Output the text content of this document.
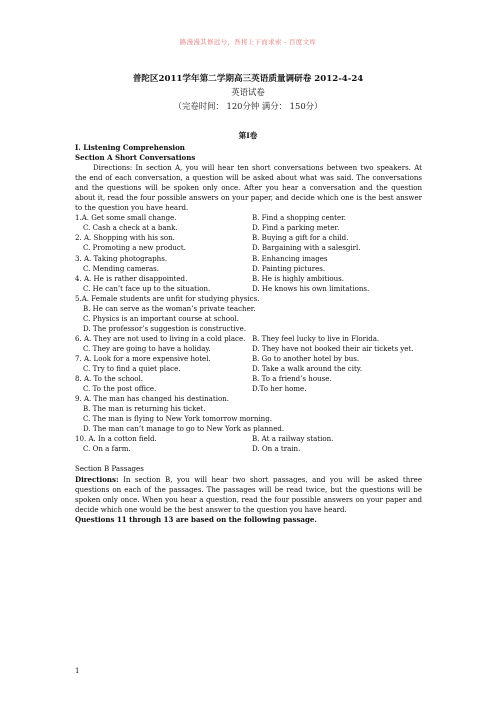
路漫漫其修远兮，吾将上下而求索 - 百度文库
普陀区2011学年第二学期高三英语质量调研卷 2012-4-24
英语试卷
（完卷时间： 120分钟 满分： 150分）
第I卷
I. Listening Comprehension
Section A Short Conversations

Directions: In section A, you will hear ten short conversations between two speakers. At the end of each conversation, a question will be asked about what was said. The conversations and the questions will be spoken only once. After you hear a conversation and the question about it, read the four possible answers on your paper, and decide which one is the best answer to the question you have heard.

1.A. Get some small change.	B. Find a shopping center.
C. Cash a check at a bank.	D. Find a parking meter.
2. A. Shopping with his son.	B. Buying a gift for a child.
C. Promoting a new product.	D. Bargaining with a salesgirl.
3. A. Taking photographs.	B. Enhancing images
C. Mending cameras.	D. Painting pictures.
4. A. He is rather disappointed.	B. He is highly ambitious.
C. He can’t face up to the situation.	D. He knows his own limitations.
5.A. Female students are unfit for studying physics.
B. He can serve as the woman’s private teacher.
C. Physics is an important course at school.
D. The professor’s suggestion is constructive.
6. A. They are not used to living in a cold place. B. They feel lucky to live in Florida.
C. They are going to have a holiday.	D. They have not booked their air tickets yet.
7. A. Look for a more expensive hotel.	B. Go to another hotel by bus.
C. Try to find a quiet place.	D. Take a walk around the city.
8. A. To the school.	B. To a friend’s house.
C. To the post office.	D.To her home.
9. A. The man has changed his destination.
B. The man is returning his ticket.
C. The man is flying to New York tomorrow morning.
D. The man can’t manage to go to New York as planned.
10. A. In a cotton field.	B. At a railway station.
C. On a farm.	D. On a train.
Section B Passages

Directions: In section B, you will hear two short passages, and you will be asked three questions on each of the passages. The passages will be read twice, but the questions will be spoken only once. When you hear a question, read the four possible answers on your paper and decide which one would be the best answer to the question you have heard.

Questions 11 through 13 are based on the following passage.
1
